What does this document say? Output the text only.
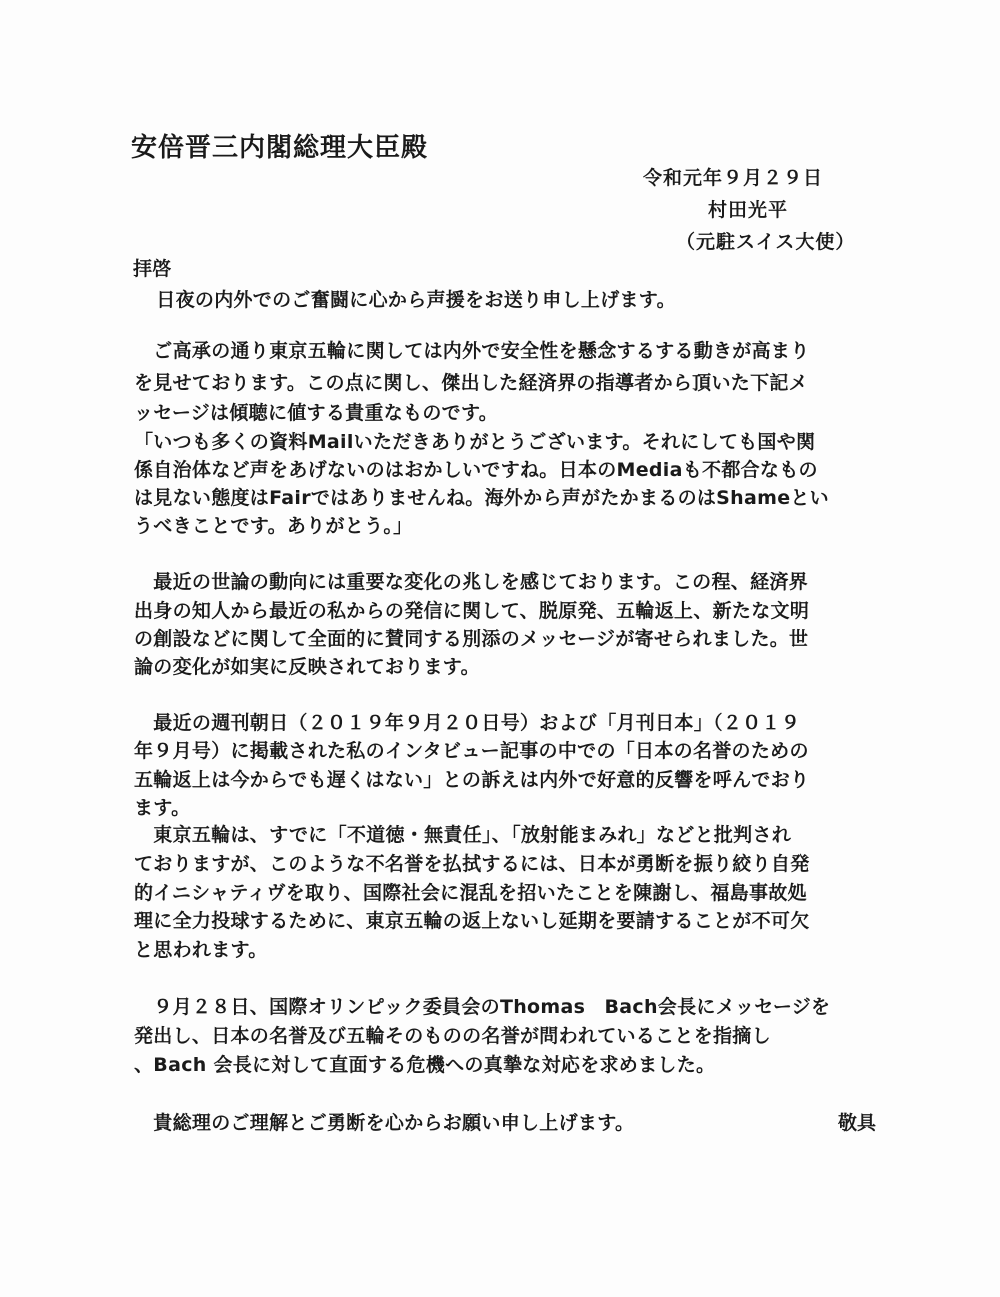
安倍晋三内閣総理大臣殿
令和元年９月２９日
村田光平
（元駐スイス大使）
拝啓
　日夜の内外でのご奮闘に心から声援をお送り申し上げます。
　ご高承の通り東京五輪に関しては内外で安全性を懸念するする動きが高まり
を見せております。この点に関し、傑出した経済界の指導者から頂いた下記メ
ッセージは傾聴に値する貴重なものです。
「いつも多くの資料Mailいただきありがとうございます。それにしても国や関
係自治体など声をあげないのはおかしいですね。日本のMediaも不都合なもの
は見ない態度はFairではありませんね。海外から声がたかまるのはShameとい
うべきことです。ありがとう。」
　最近の世論の動向には重要な変化の兆しを感じております。この程、経済界
出身の知人から最近の私からの発信に関して、脱原発、五輪返上、新たな文明
の創設などに関して全面的に賛同する別添のメッセージが寄せられました。世
論の変化が如実に反映されております。
　最近の週刊朝日（２０１９年９月２０日号）および「月刊日本」（２０１９
年９月号）に掲載された私のインタビュー記事の中での「日本の名誉のための
五輪返上は今からでも遅くはない」との訴えは内外で好意的反響を呼んでおり
ます。
　東京五輪は、すでに「不道徳・無責任」、「放射能まみれ」などと批判され
ておりますが、このような不名誉を払拭するには、日本が勇断を振り絞り自発
的イニシャティヴを取り、国際社会に混乱を招いたことを陳謝し、福島事故処
理に全力投球するために、東京五輪の返上ないし延期を要請することが不可欠
と思われます。
　９月２８日、国際オリンピック委員会のThomas　Bach会長にメッセージを
発出し、日本の名誉及び五輪そのものの名誉が問われていることを指摘し
、Bach 会長に対して直面する危機への真摯な対応を求めました。
　貴総理のご理解とご勇断を心からお願い申し上げます。	敬具
